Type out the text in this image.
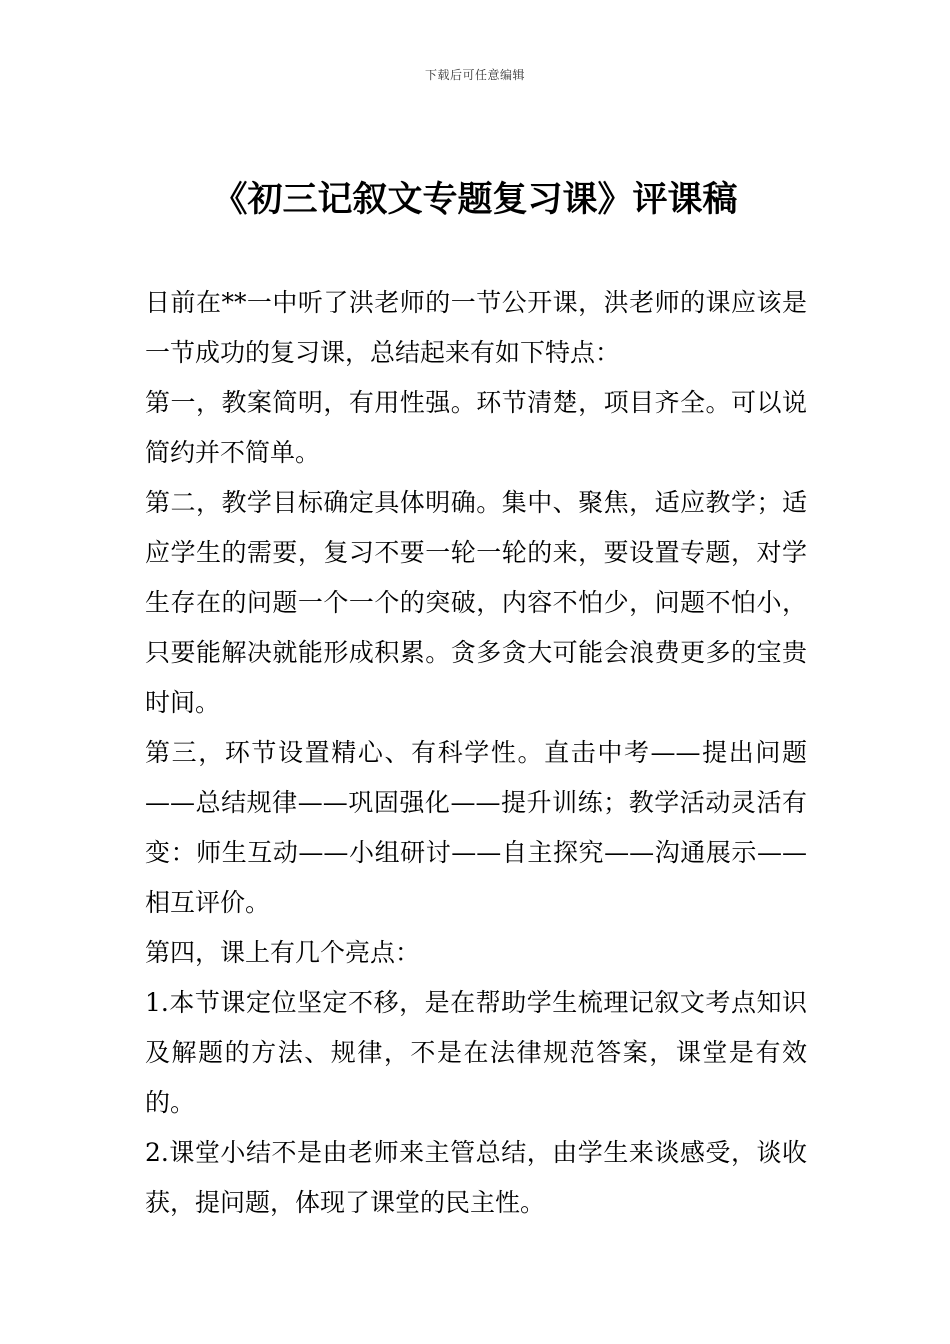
下载后可任意编辑
《初三记叙文专题复习课》评课稿

日前在**一中听了洪老师的一节公开课，洪老师的课应该是一节成功的复习课，总结起来有如下特点：

第一，教案简明，有用性强。环节清楚，项目齐全。可以说简约并不简单。

第二，教学目标确定具体明确。集中、聚焦，适应教学；适应学生的需要，复习不要一轮一轮的来，要设置专题，对学生存在的问题一个一个的突破，内容不怕少，问题不怕小，只要能解决就能形成积累。贪多贪大可能会浪费更多的宝贵时间。

第三，环节设置精心、有科学性。直击中考——提出问题——总结规律——巩固强化——提升训练；教学活动灵活有变：师生互动——小组研讨——自主探究——沟通展示——相互评价。

第四，课上有几个亮点：

1.本节课定位坚定不移，是在帮助学生梳理记叙文考点知识及解题的方法、规律，不是在法律规范答案，课堂是有效的。

2.课堂小结不是由老师来主管总结，由学生来谈感受，谈收获，提问题，体现了课堂的民主性。
